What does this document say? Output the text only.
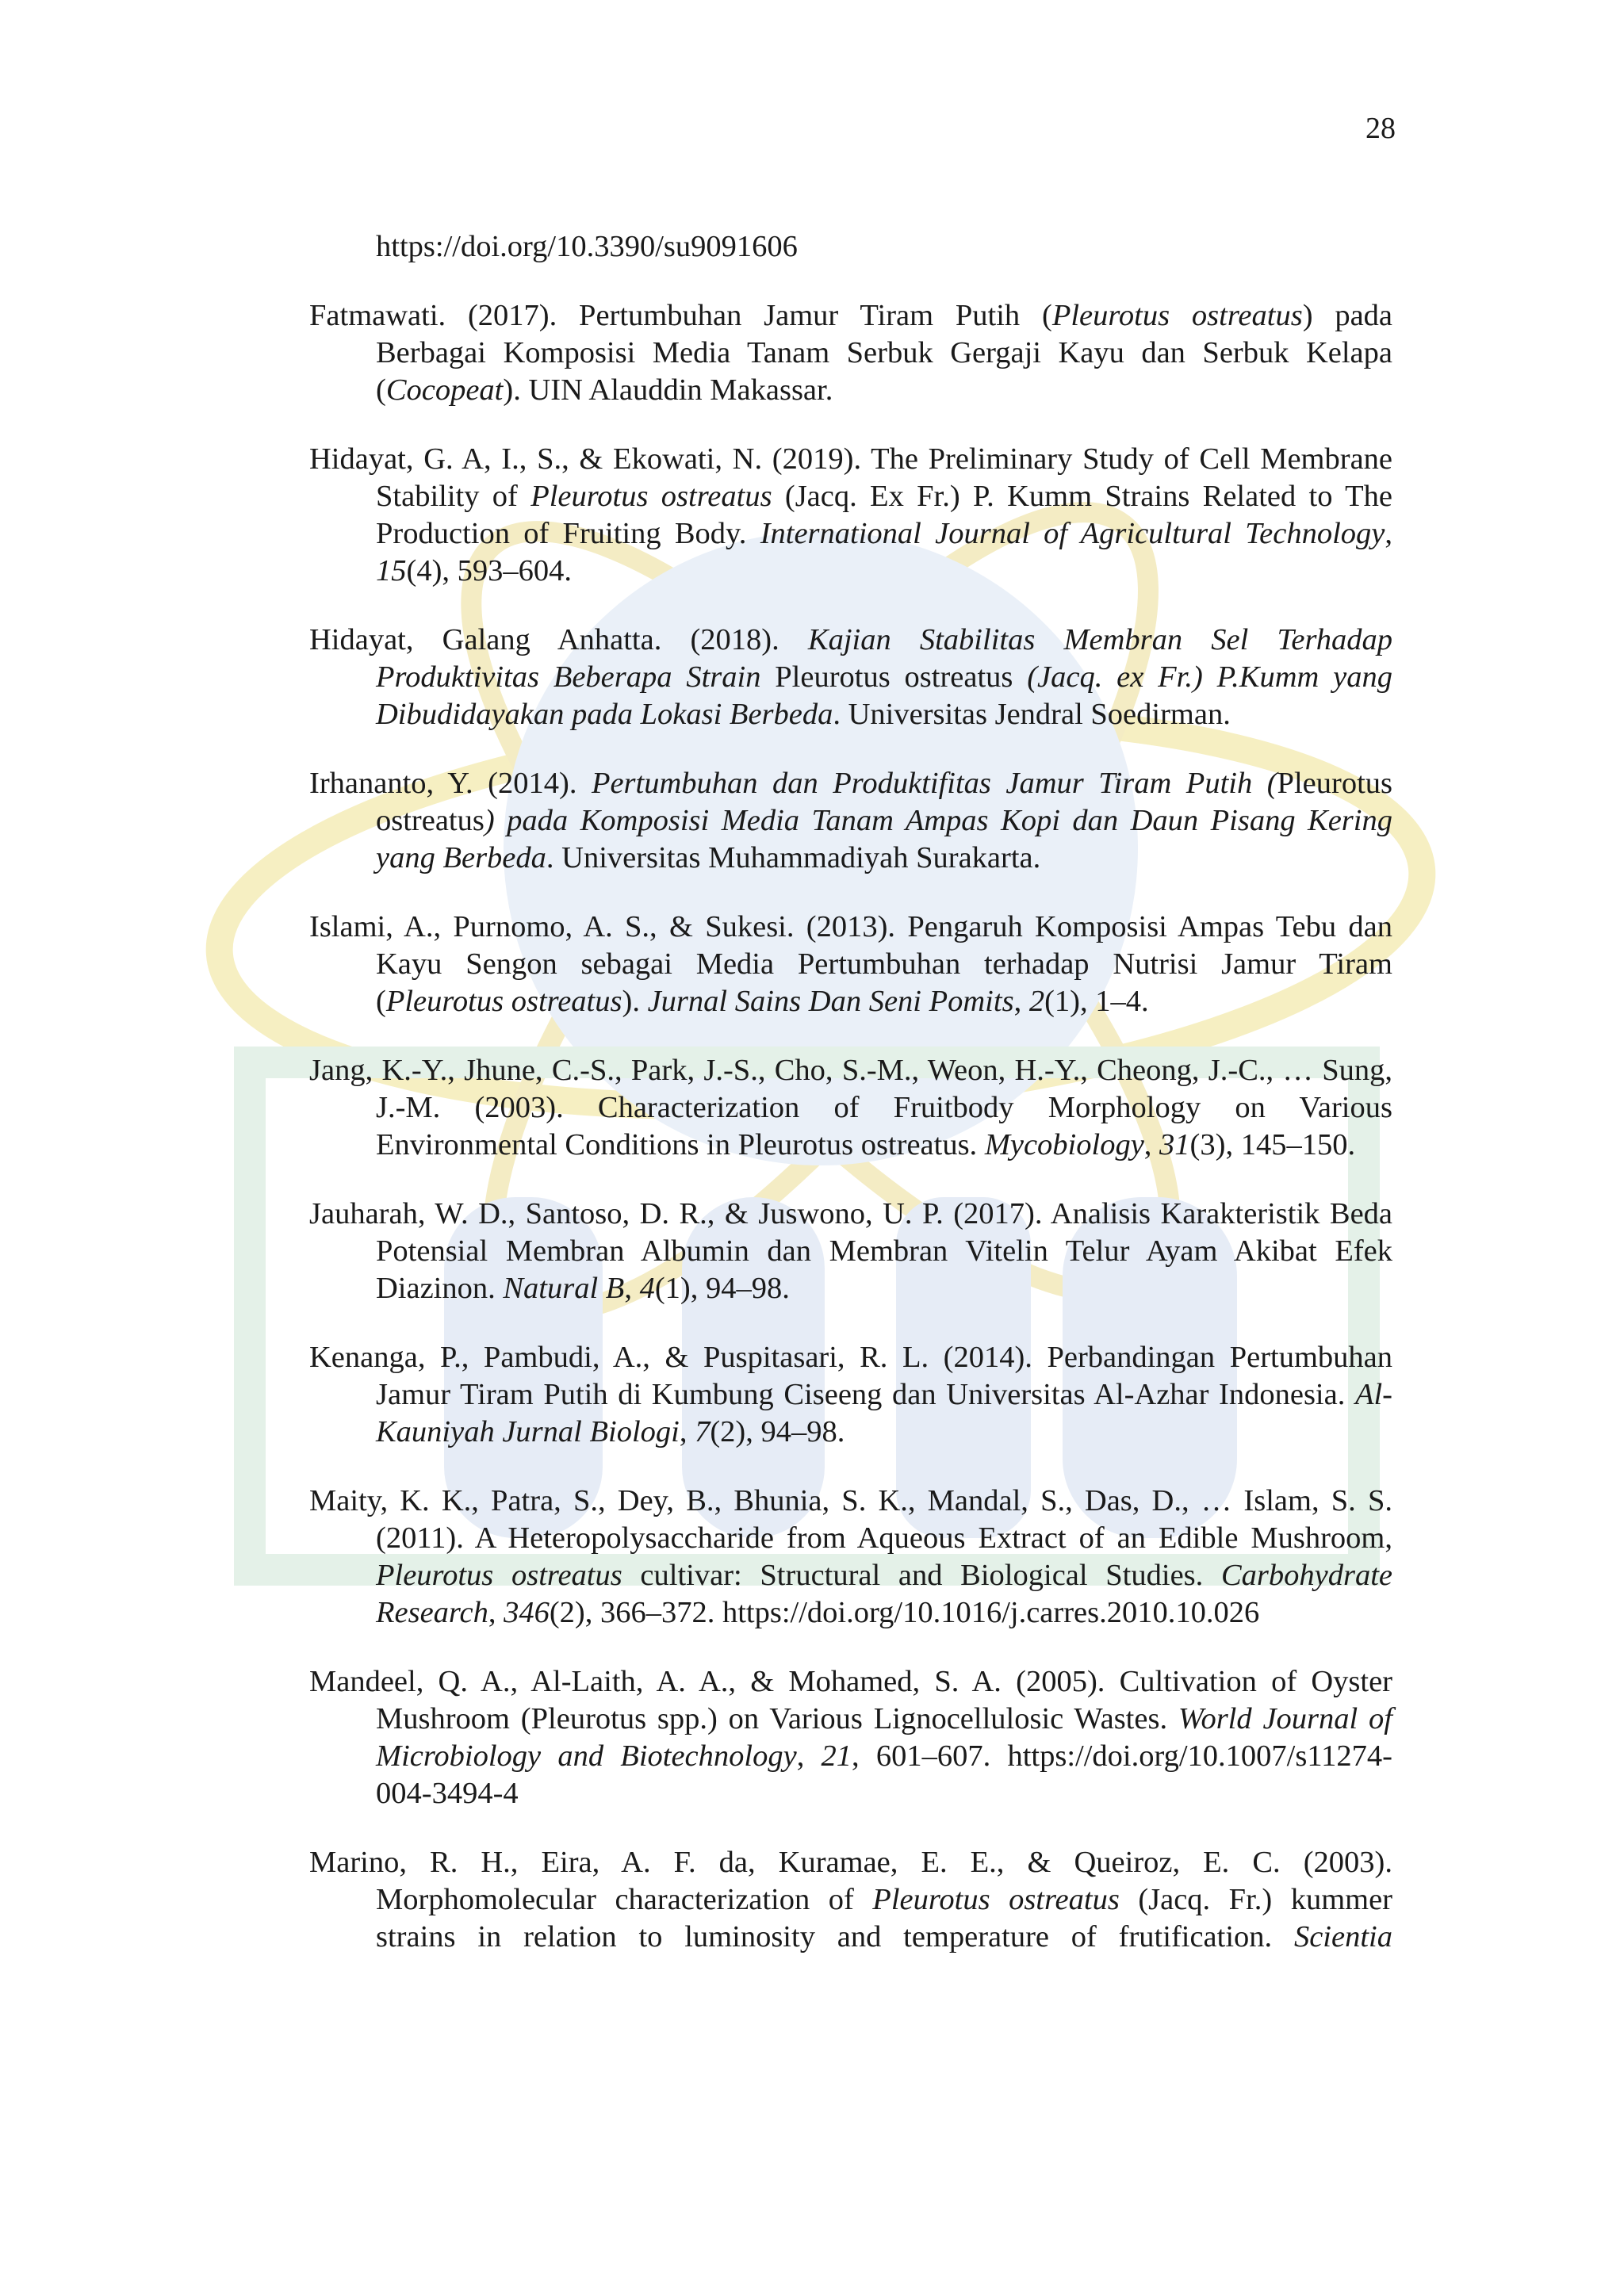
28

https://doi.org/10.3390/su9091606

Fatmawati. (2017). Pertumbuhan Jamur Tiram Putih (Pleurotus ostreatus) pada Berbagai Komposisi Media Tanam Serbuk Gergaji Kayu dan Serbuk Kelapa (Cocopeat). UIN Alauddin Makassar.

Hidayat, G. A, I., S., & Ekowati, N. (2019). The Preliminary Study of Cell Membrane Stability of Pleurotus ostreatus (Jacq. Ex Fr.) P. Kumm Strains Related to The Production of Fruiting Body. International Journal of Agricultural Technology, 15(4), 593–604.

Hidayat, Galang Anhatta. (2018). Kajian Stabilitas Membran Sel Terhadap Produktivitas Beberapa Strain Pleurotus ostreatus (Jacq. ex Fr.) P.Kumm yang Dibudidayakan pada Lokasi Berbeda. Universitas Jendral Soedirman.

Irhananto, Y. (2014). Pertumbuhan dan Produktifitas Jamur Tiram Putih (Pleurotus ostreatus) pada Komposisi Media Tanam Ampas Kopi dan Daun Pisang Kering yang Berbeda. Universitas Muhammadiyah Surakarta.

Islami, A., Purnomo, A. S., & Sukesi. (2013). Pengaruh Komposisi Ampas Tebu dan Kayu Sengon sebagai Media Pertumbuhan terhadap Nutrisi Jamur Tiram (Pleurotus ostreatus). Jurnal Sains Dan Seni Pomits, 2(1), 1–4.

Jang, K.-Y., Jhune, C.-S., Park, J.-S., Cho, S.-M., Weon, H.-Y., Cheong, J.-C., … Sung, J.-M. (2003). Characterization of Fruitbody Morphology on Various Environmental Conditions in Pleurotus ostreatus. Mycobiology, 31(3), 145–150.

Jauharah, W. D., Santoso, D. R., & Juswono, U. P. (2017). Analisis Karakteristik Beda Potensial Membran Albumin dan Membran Vitelin Telur Ayam Akibat Efek Diazinon. Natural B, 4(1), 94–98.

Kenanga, P., Pambudi, A., & Puspitasari, R. L. (2014). Perbandingan Pertumbuhan Jamur Tiram Putih di Kumbung Ciseeng dan Universitas Al-Azhar Indonesia. Al-Kauniyah Jurnal Biologi, 7(2), 94–98.

Maity, K. K., Patra, S., Dey, B., Bhunia, S. K., Mandal, S., Das, D., … Islam, S. S. (2011). A Heteropolysaccharide from Aqueous Extract of an Edible Mushroom, Pleurotus ostreatus cultivar: Structural and Biological Studies. Carbohydrate Research, 346(2), 366–372. https://doi.org/10.1016/j.carres.2010.10.026

Mandeel, Q. A., Al-Laith, A. A., & Mohamed, S. A. (2005). Cultivation of Oyster Mushroom (Pleurotus spp.) on Various Lignocellulosic Wastes. World Journal of Microbiology and Biotechnology, 21, 601–607. https://doi.org/10.1007/s11274-004-3494-4

Marino, R. H., Eira, A. F. da, Kuramae, E. E., & Queiroz, E. C. (2003). Morphomolecular characterization of Pleurotus ostreatus (Jacq. Fr.) kummer strains in relation to luminosity and temperature of frutification. Scientia
